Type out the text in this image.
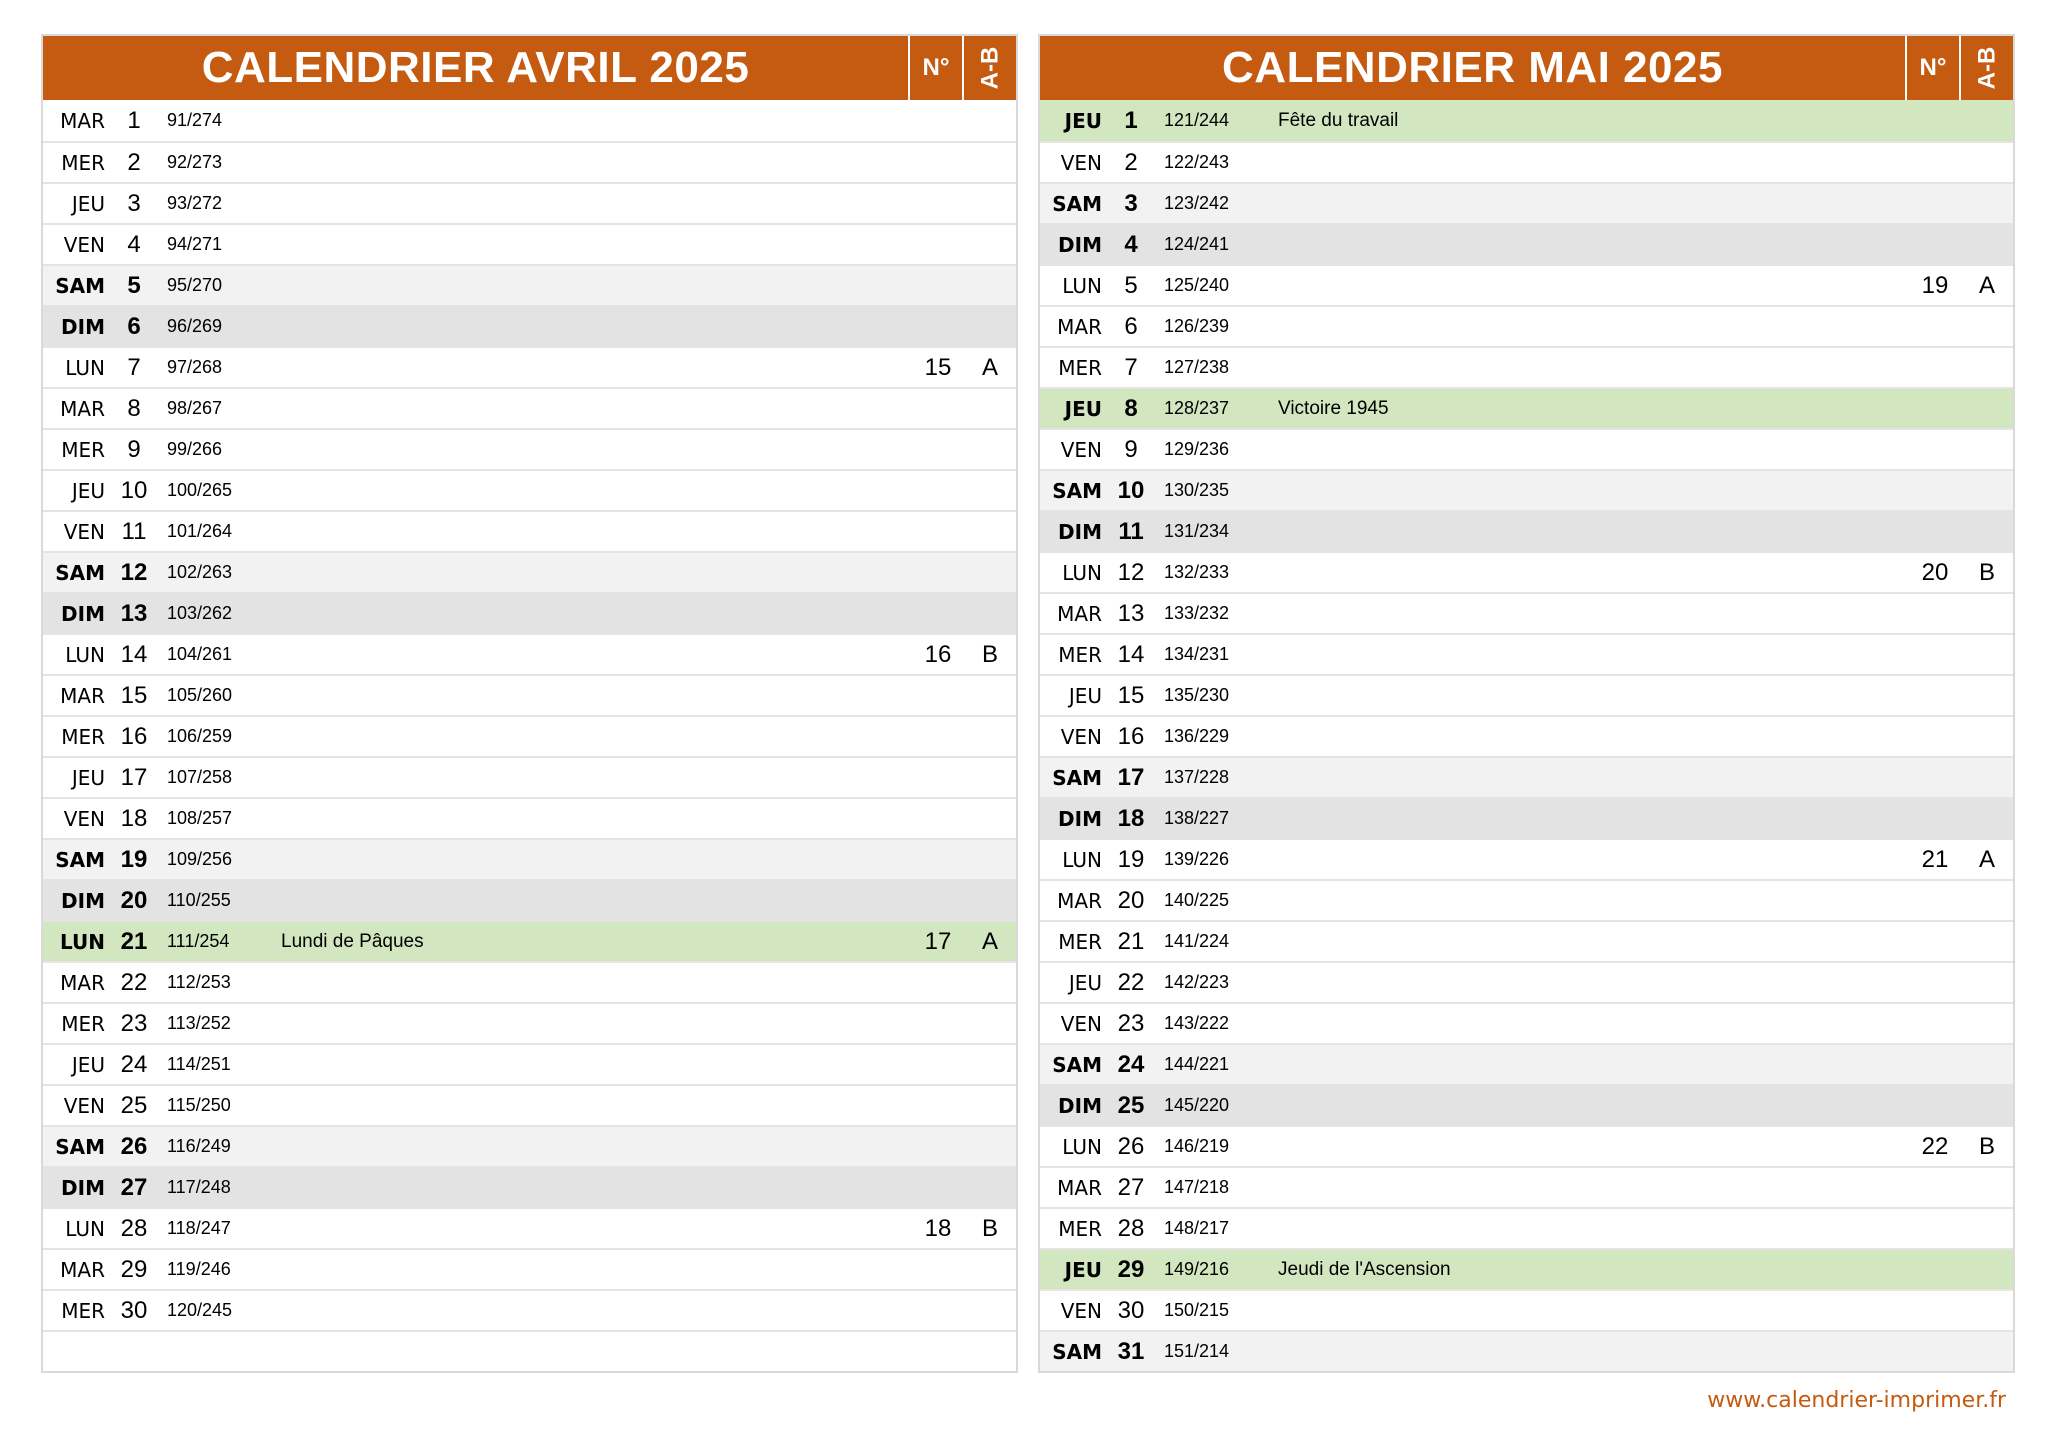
CALENDRIER AVRIL 2025	N°	A-B
MAR 1	91/274
MER 2	92/273
JEU 3	93/272
VEN 4	94/271
SAM 5	95/270
DIM 6	96/269
LUN 7	97/268	15	A
MAR 8	98/267
MER 9	99/266
JEU 10	100/265
VEN 11	101/264
SAM 12	102/263
DIM 13	103/262
LUN 14	104/261	16	B
MAR 15	105/260
MER 16	106/259
JEU 17	107/258
VEN 18	108/257
SAM 19	109/256
DIM 20	110/255
LUN 21	111/254	Lundi de Pâques	17	A
MAR 22	112/253
MER 23	113/252
JEU 24	114/251
VEN 25	115/250
SAM 26	116/249
DIM 27	117/248
LUN 28	118/247	18	B
MAR 29	119/246
MER 30	120/245
CALENDRIER MAI 2025	N°	A-B
JEU 1	121/244	Fête du travail
VEN 2	122/243
SAM 3	123/242
DIM 4	124/241
LUN 5	125/240	19	A
MAR 6	126/239
MER 7	127/238
JEU 8	128/237	Victoire 1945
VEN 9	129/236
SAM 10	130/235
DIM 11	131/234
LUN 12	132/233	20	B
MAR 13	133/232
MER 14	134/231
JEU 15	135/230
VEN 16	136/229
SAM 17	137/228
DIM 18	138/227
LUN 19	139/226	21	A
MAR 20	140/225
MER 21	141/224
JEU 22	142/223
VEN 23	143/222
SAM 24	144/221
DIM 25	145/220
LUN 26	146/219	22	B
MAR 27	147/218
MER 28	148/217
JEU 29	149/216	Jeudi de l'Ascension
VEN 30	150/215
SAM 31	151/214
www.calendrier-imprimer.fr
